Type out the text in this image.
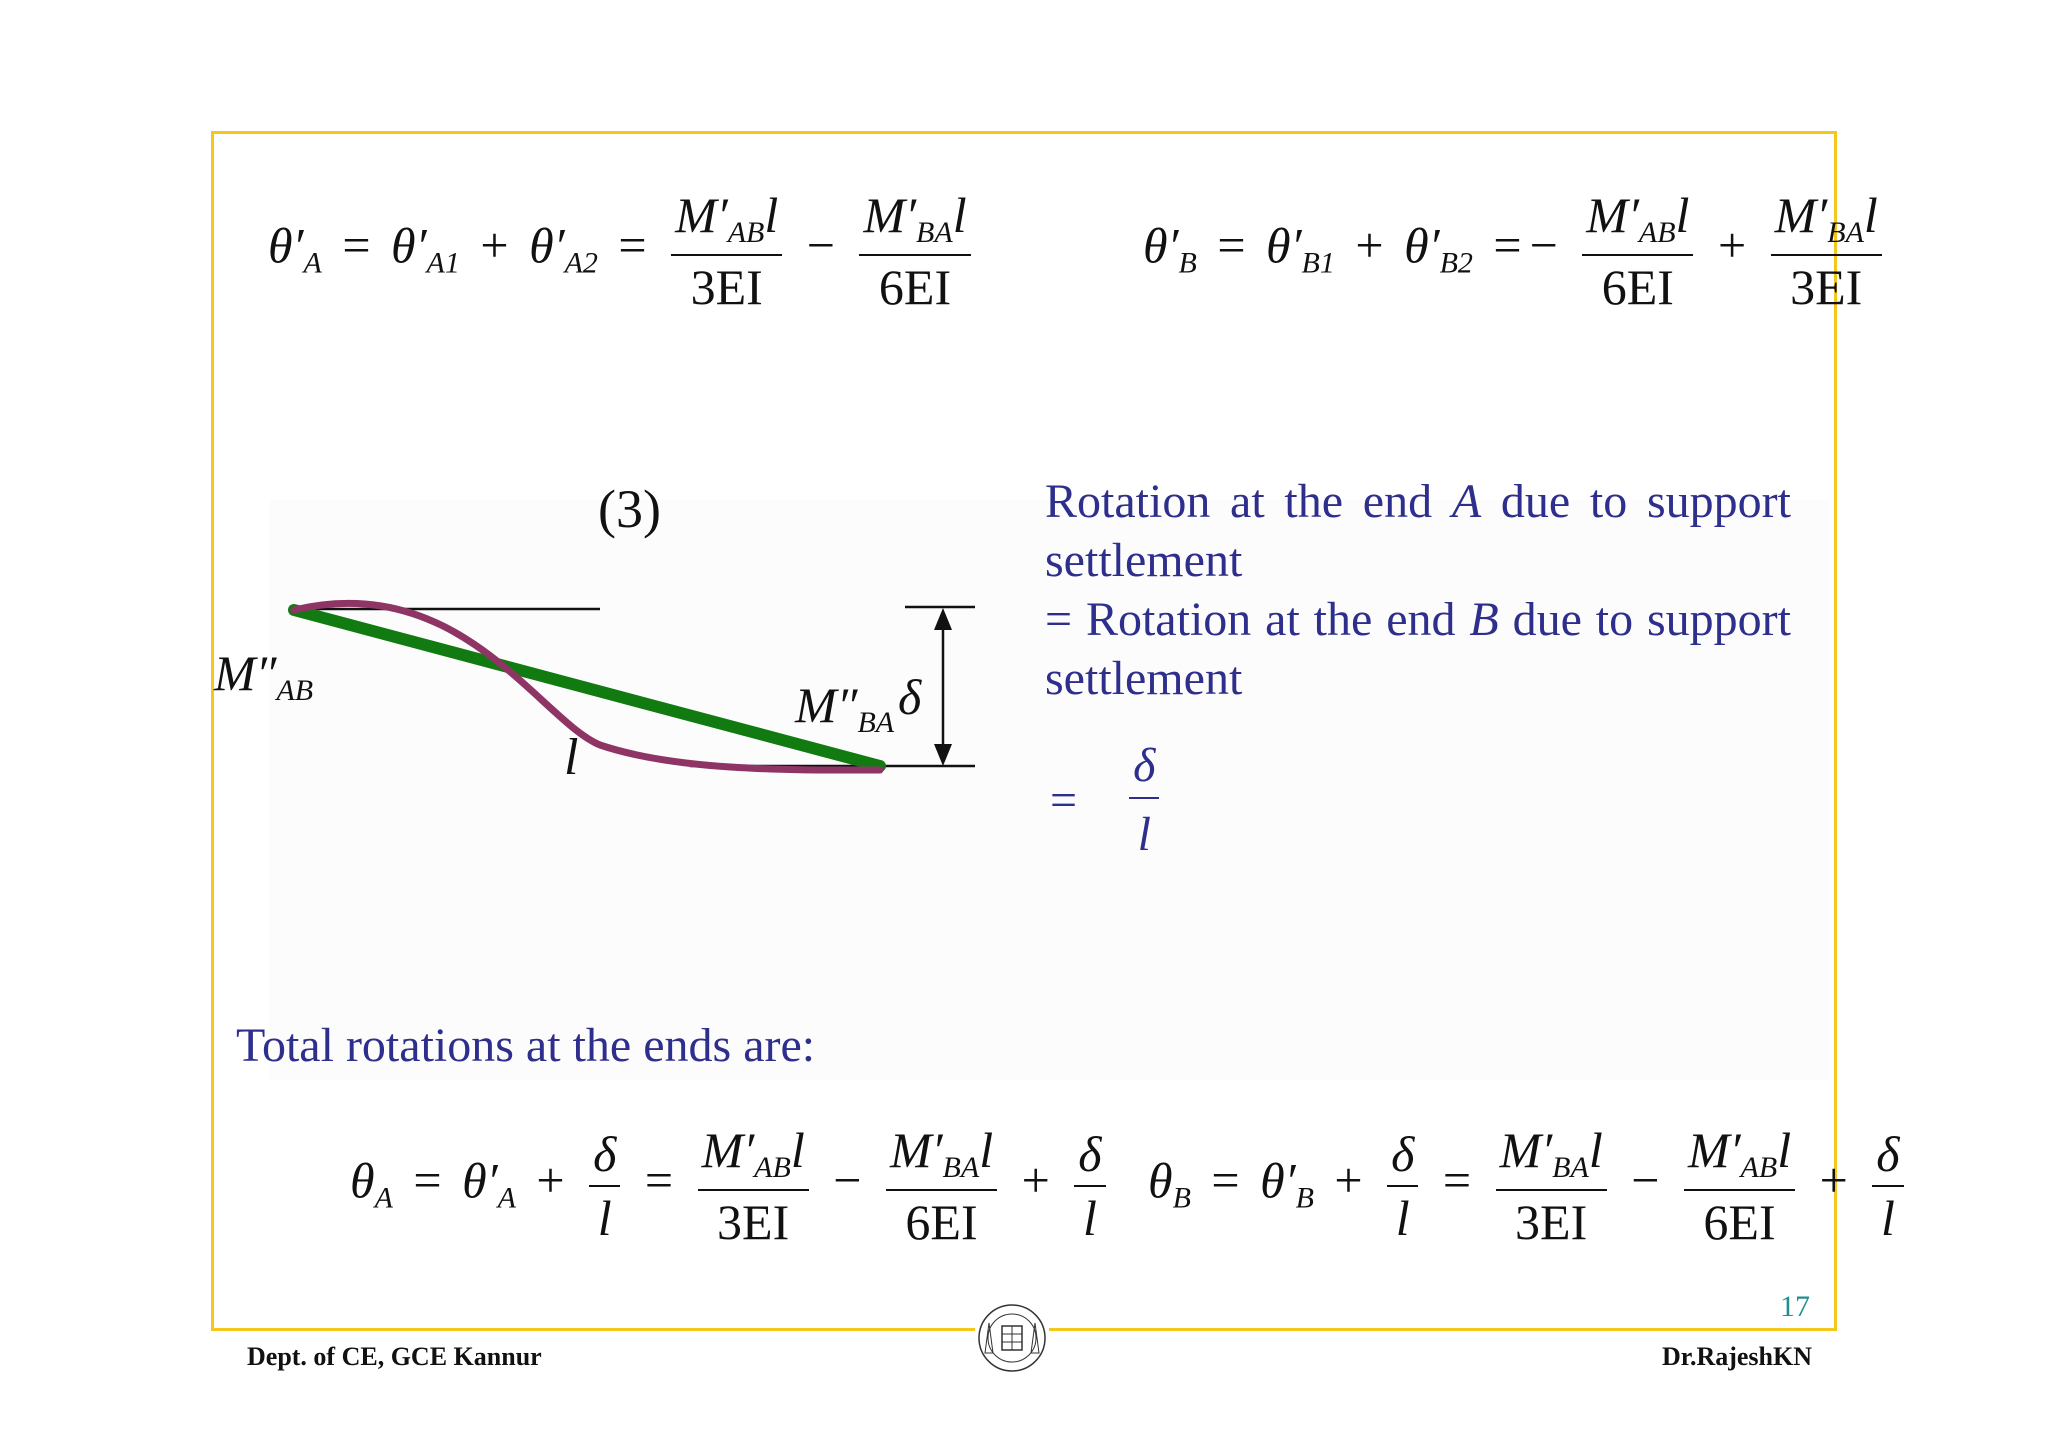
$\theta'_A = \theta'_{A1} + \theta'_{A2} = \frac{M'_{AB}l}{3EI} - \frac{M'_{BA}l}{6EI}$	$\theta'_B = \theta'_{B1} + \theta'_{B2}$ = − $\frac{M'_{AB}l}{6EI} + \frac{M'_{BA}l}{3EI}$
(3)
$M''_{AB}$	$M''_{BA}$ δ
l
Rotation at the end A due to support settlement
= Rotation at the end B due to support settlement
= $\frac{\delta}{l}$
Total rotations at the ends are:
$\theta_A = \theta'_A + \frac{\delta}{l} = \frac{M'_{AB}l}{3EI} - \frac{M'_{BA}l}{6EI} + \frac{\delta}{l} \theta_B = \theta'_B + \frac{\delta}{l} = \frac{M'_{BA}l}{3EI} - \frac{M'_{AB}l}{6EI} + \frac{\delta}{l}$
17
Dept. of CE, GCE Kannur	Dr.RajeshKN
